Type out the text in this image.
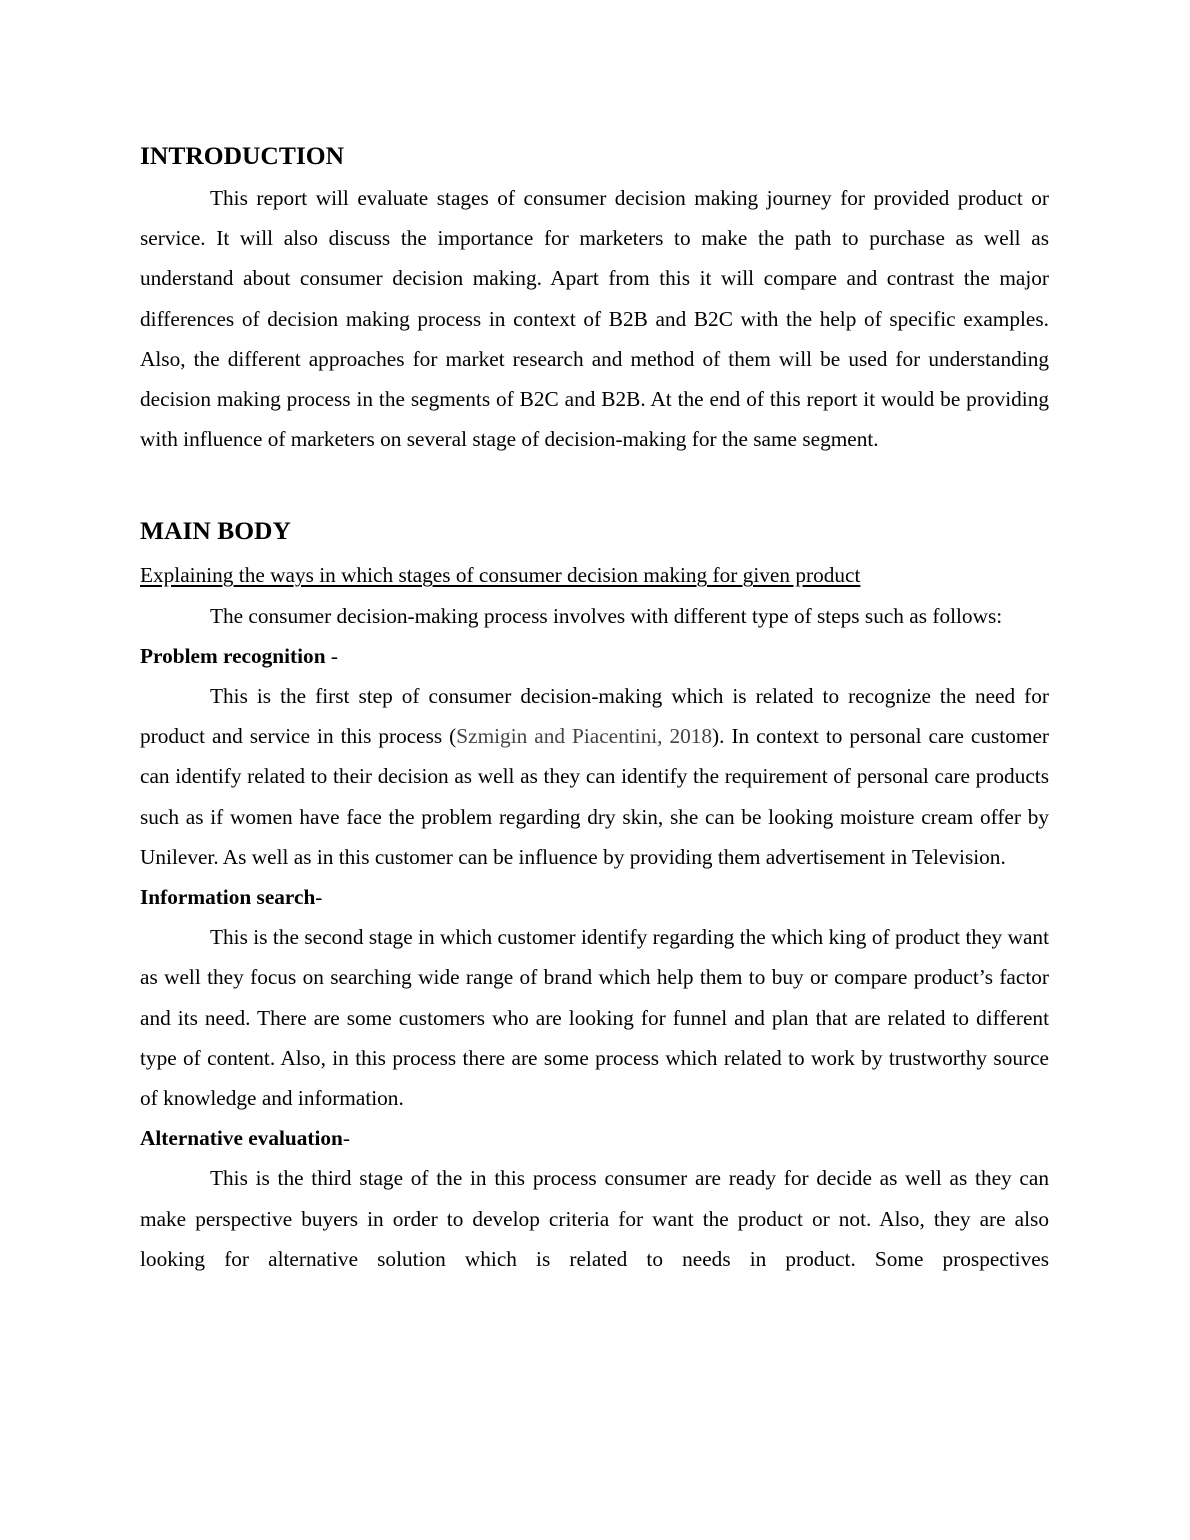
INTRODUCTION

This report will evaluate stages of consumer decision making journey for provided product or service. It will also discuss the importance for marketers to make the path to purchase as well as understand about consumer decision making. Apart from this it will compare and contrast the major differences of decision making process in context of B2B and B2C with the help of specific examples. Also, the different approaches for market research and method of them will be used for understanding decision making process in the segments of B2C and B2B. At the end of this report it would be providing with influence of marketers on several stage of decision-making for the same segment.

MAIN BODY

Explaining the ways in which stages of consumer decision making for given product

The consumer decision-making process involves with different type of steps such as follows:

Problem recognition -

This is the first step of consumer decision-making which is related to recognize the need for product and service in this process (Szmigin and Piacentini, 2018). In context to personal care customer can identify related to their decision as well as they can identify the requirement of personal care products such as if women have face the problem regarding dry skin, she can be looking moisture cream offer by Unilever. As well as in this customer can be influence by providing them advertisement in Television.

Information search-

This is the second stage in which customer identify regarding the which king of product they want as well they focus on searching wide range of brand which help them to buy or compare product’s factor and its need. There are some customers who are looking for funnel and plan that are related to different type of content. Also, in this process there are some process which related to work by trustworthy source of knowledge and information.

Alternative evaluation-

This is the third stage of the in this process consumer are ready for decide as well as they can make perspective buyers in order to develop criteria for want the product or not. Also, they are also looking for alternative solution which is related to needs in product. Some prospectives
